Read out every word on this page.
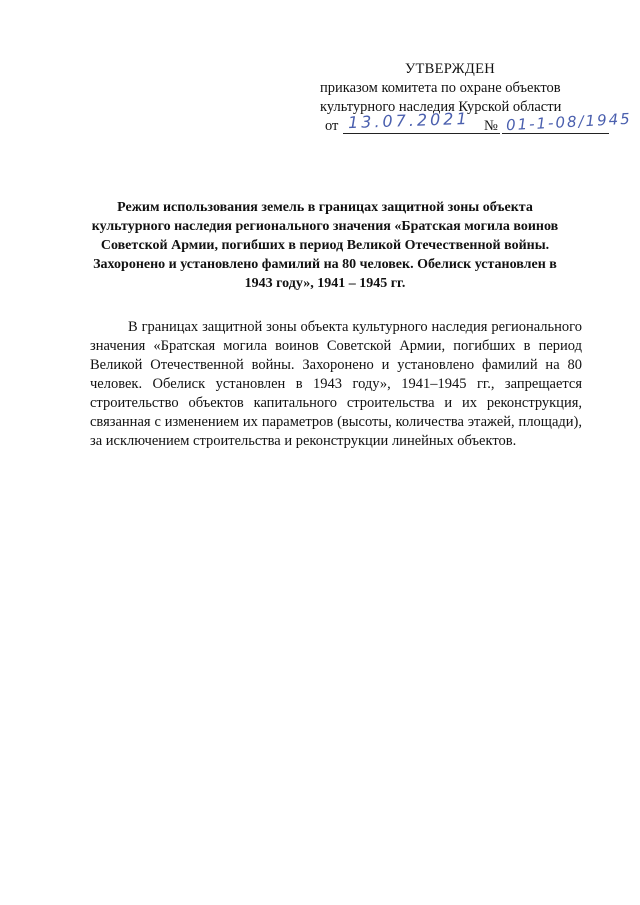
УТВЕРЖДЕН
приказом комитета по охране объектов
культурного наследия Курской области
от 13.07.2021 № 01-1-08/1945
Режим использования земель в границах защитной зоны объекта культурного наследия регионального значения «Братская могила воинов Советской Армии, погибших в период Великой Отечественной войны. Захоронено и установлено фамилий на 80 человек. Обелиск установлен в 1943 году», 1941 – 1945 гг.

В границах защитной зоны объекта культурного наследия регионального значения «Братская могила воинов Советской Армии, погибших в период Великой Отечественной войны. Захоронено и установлено фамилий на 80 человек. Обелиск установлен в 1943 году», 1941–1945 гг., запрещается строительство объектов капитального строительства и их реконструкция, связанная с изменением их параметров (высоты, количества этажей, площади), за исключением строительства и реконструкции линейных объектов.
